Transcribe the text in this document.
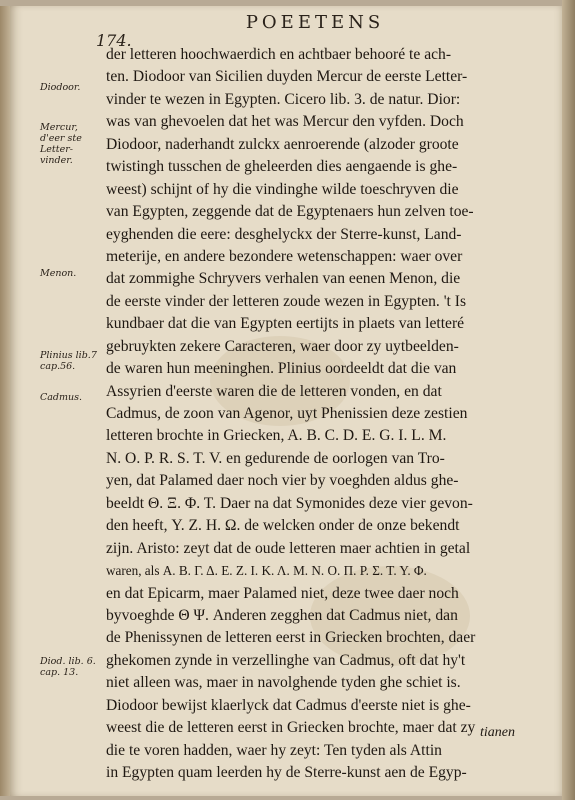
POEETENS
174.
Diodoor.
Mercur, d'eer ste Letter-vinder.
Menon.
Plinius lib.7 cap.56.
Cadmus.
Diod. lib. 6. cap. 13.
der letteren hoochwaerdich en achtbaer behooré te ach-
ten. Diodoor van Sicilien duyden Mercur de eerste Letter-
vinder te wezen in Egypten. Cicero lib. 3. de natur. Dior:
was van ghevoelen dat het was Mercur den vyfden. Doch
Diodoor, naderhandt zulckx aenroerende (alzoder groote
twistingh tusschen de gheleerden dies aengaende is ghe-
weest) schijnt of hy die vindinghe wilde toeschryven die
van Egypten, zeggende dat de Egyptenaers hun zelven toe-
eyghenden die eere: desghelyckx der Sterre-kunst, Land-
meterije, en andere bezondere wetenschappen: waer over
dat zommighe Schryvers verhalen van eenen Menon, die
de eerste vinder der letteren zoude wezen in Egypten. 't Is
kundbaer dat die van Egypten eertijts in plaets van letteré
gebruykten zekere Caracteren, waer door zy uytbeelden-
de waren hun meeninghen. Plinius oordeeldt dat die van
Assyrien d'eerste waren die de letteren vonden, en dat
Cadmus, de zoon van Agenor, uyt Phenissien deze zestien
letteren brochte in Griecken, A. B. C. D. E. G. I. L. M.
N. O. P. R. S. T. V. en gedurende de oorlogen van Tro-
yen, dat Palamed daer noch vier by voeghden aldus ghe-
beeldt Θ. Ξ. Φ. Τ. Daer na dat Symonides deze vier gevon-
den heeft, Υ. Ζ. Η. Ω. de welcken onder de onze bekendt
zijn. Aristo: zeyt dat de oude letteren maer achtien in getal
waren, als Α. Β. Γ. Δ. Ε. Ζ. Ι. Κ. Λ. Μ. Ν. Ο. Π. Ρ. Σ. Τ. Υ. Φ.
en dat Epicarm, maer Palamed niet, deze twee daer noch
byvoeghde Θ Ψ. Anderen zegghen dat Cadmus niet, dan
de Phenissynen de letteren eerst in Griecken brochten, daer
ghekomen zynde in verzellinghe van Cadmus, oft dat hy't
niet alleen was, maer in navolghende tyden ghe schiet is.
Diodoor bewijst klaerlyck dat Cadmus d'eerste niet is ghe-
weest die de letteren eerst in Griecken brochte, maer dat zy
die te voren hadden, waer hy zeyt: Ten tyden als Attin
in Egypten quam leerden hy de Sterre-kunst aen de Egyp-
tianen
